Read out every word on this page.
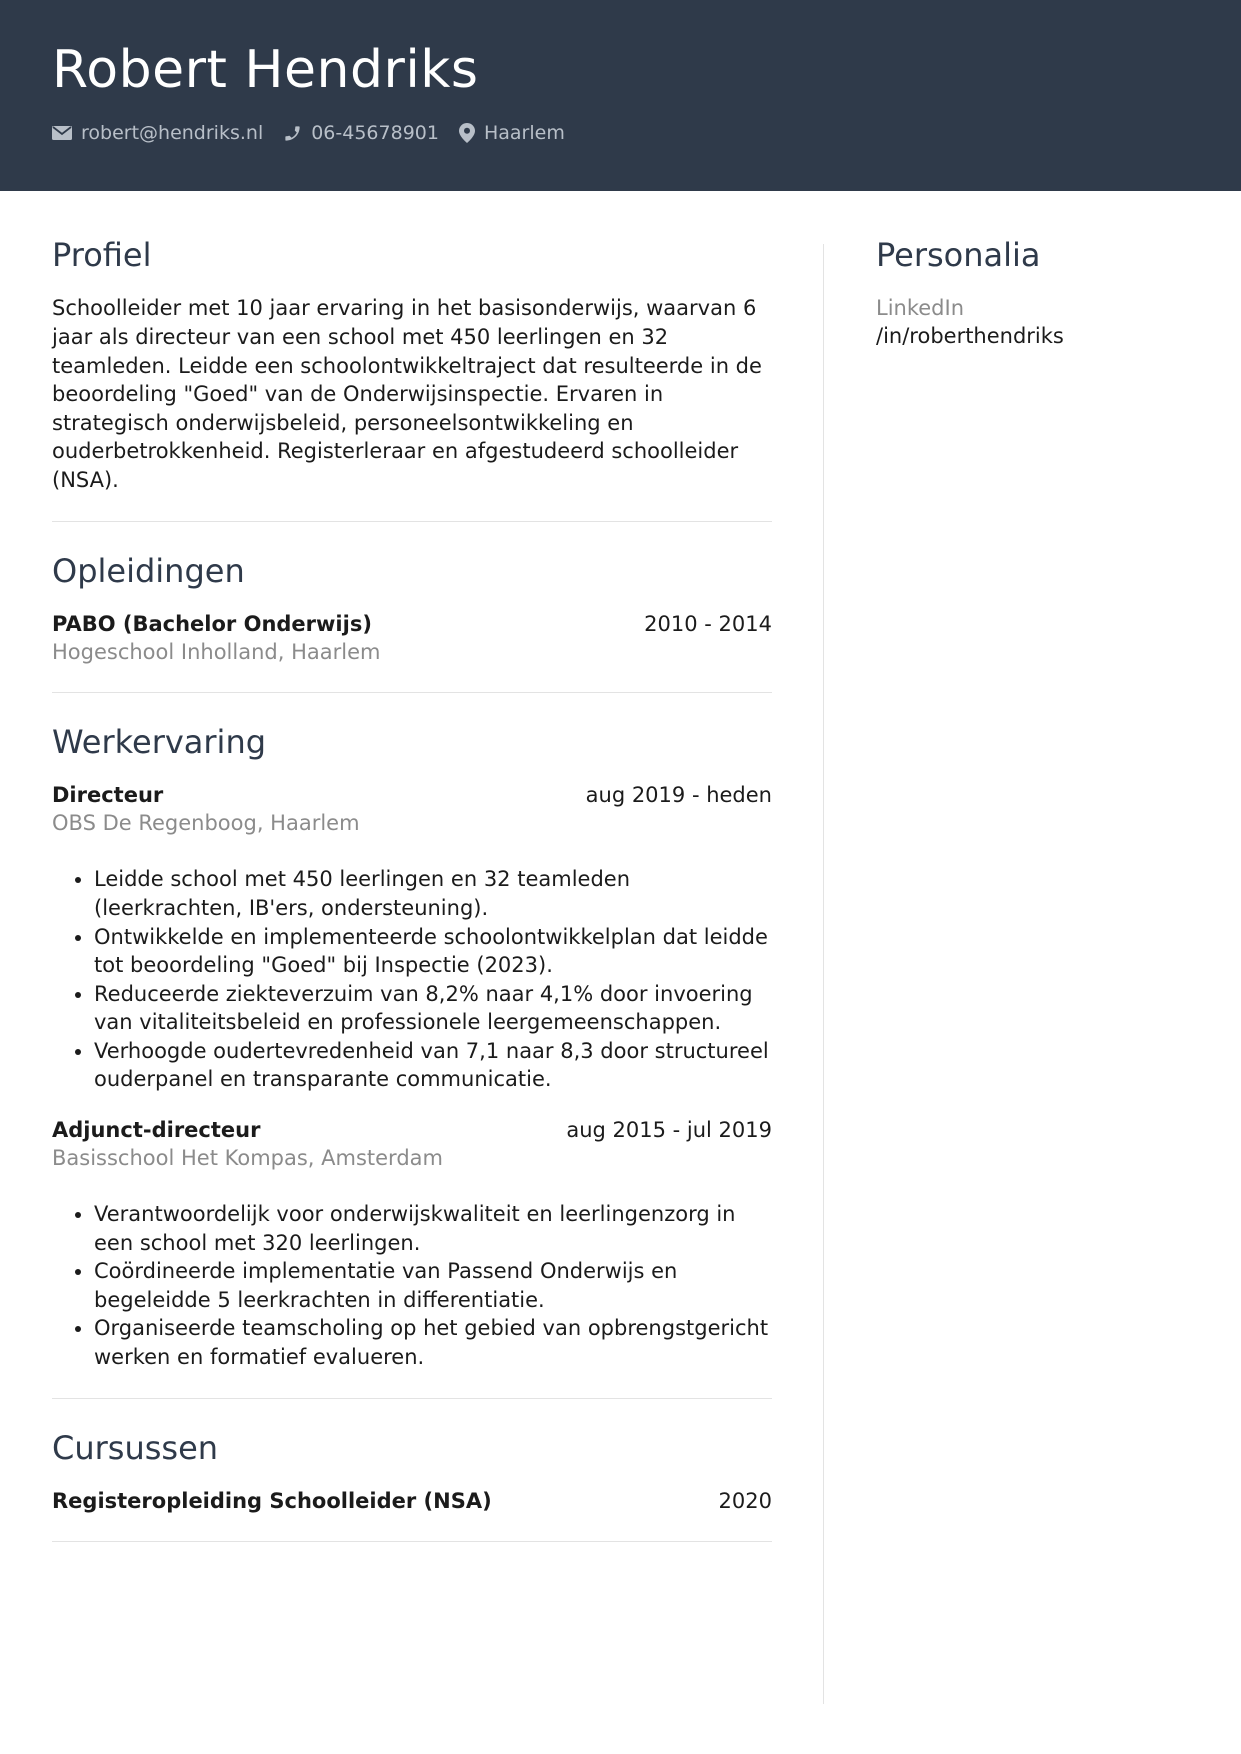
Robert Hendriks
robert@hendriks.nl	06-45678901 Haarlem
Profiel

Schoolleider met 10 jaar ervaring in het basisonderwijs, waarvan 6 jaar als directeur van een school met 450 leerlingen en 32 teamleden. Leidde een schoolontwikkeltraject dat resulteerde in de beoordeling "Goed" van de Onderwijsinspectie. Ervaren in strategisch onderwijsbeleid, personeelsontwikkeling en ouderbetrokkenheid. Registerleraar en afgestudeerd schoolleider (NSA).

Opleidingen
PABO (Bachelor Onderwijs)	2010 - 2014
Hogeschool Inholland, Haarlem
Werkervaring
Directeur	aug 2019 - heden
OBS De Regenboog, Haarlem
• Leidde school met 450 leerlingen en 32 teamleden (leerkrachten, IB'ers, ondersteuning).
• Ontwikkelde en implementeerde schoolontwikkelplan dat leidde tot beoordeling "Goed" bij Inspectie (2023).
• Reduceerde ziekteverzuim van 8,2% naar 4,1% door invoering van vitaliteitsbeleid en professionele leergemeenschappen.
• Verhoogde oudertevredenheid van 7,1 naar 8,3 door structureel ouderpanel en transparante communicatie.
Adjunct-directeur	aug 2015 - jul 2019
Basisschool Het Kompas, Amsterdam
• Verantwoordelijk voor onderwijskwaliteit en leerlingenzorg in een school met 320 leerlingen.
• Coördineerde implementatie van Passend Onderwijs en begeleidde 5 leerkrachten in differentiatie.
• Organiseerde teamscholing op het gebied van opbrengstgericht werken en formatief evalueren.
Cursussen
Registeropleiding Schoolleider (NSA)	2020
Personalia
LinkedIn
/in/roberthendriks
